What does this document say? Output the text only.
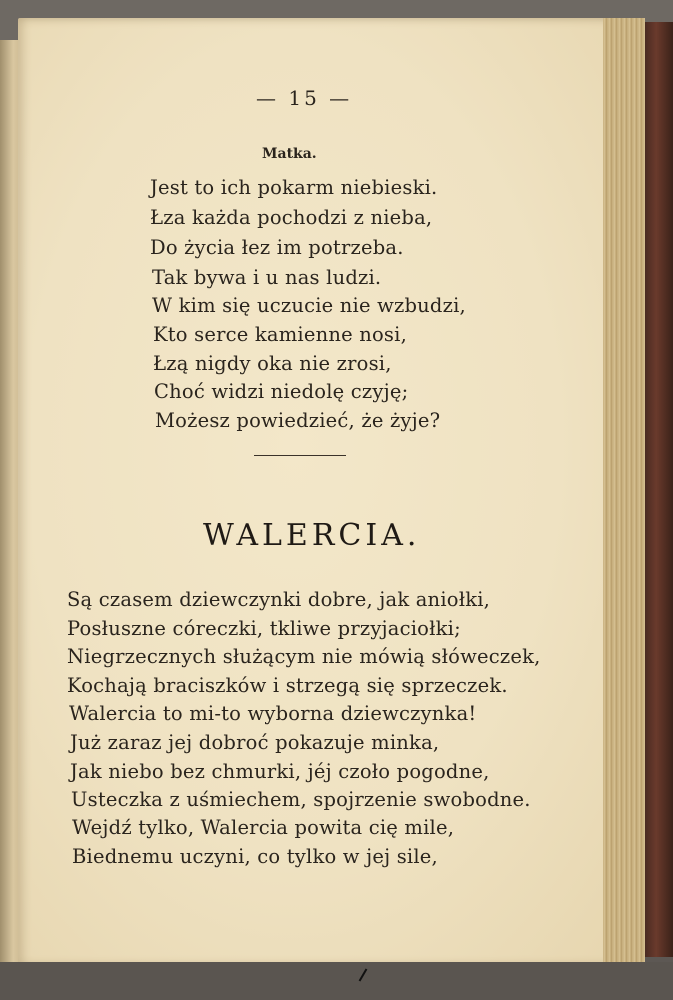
— 15 —
Matka.
Jest to ich pokarm niebieski.
Łza każda pochodzi z nieba,
Do życia łez im potrzeba.
Tak bywa i u nas ludzi.
W kim się uczucie nie wzbudzi,
Kto serce kamienne nosi,
Łzą nigdy oka nie zrosi,
Choć widzi niedolę czyję;
Możesz powiedzieć, że żyje?
WALERCIA.
Są czasem dziewczynki dobre, jak aniołki,
Posłuszne córeczki, tkliwe przyjaciołki;
Niegrzecznych służącym nie mówią słóweczek,
Kochają braciszków i strzegą się sprzeczek.
Walercia to mi-to wyborna dziewczynka!
Już zaraz jej dobroć pokazuje minka,
Jak niebo bez chmurki, jéj czoło pogodne,
Usteczka z uśmiechem, spojrzenie swobodne.
Wejdź tylko, Walercia powita cię mile,
Biednemu uczyni, co tylko w jej sile,
